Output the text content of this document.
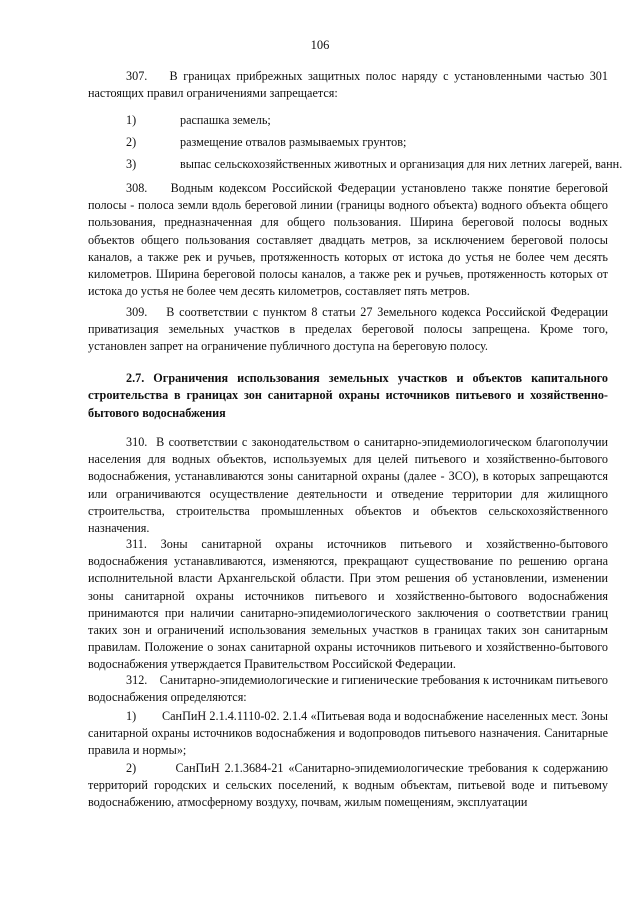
106

307.    В границах прибрежных защитных полос наряду с установленными частью 301 настоящих правил ограничениями запрещается:

1)	распашка земель;
2)	размещение отвалов размываемых грунтов;
3)	выпас сельскохозяйственных животных и организация для них летних лагерей, ванн.

308.    Водным кодексом Российской Федерации установлено также понятие береговой полосы - полоса земли вдоль береговой линии (границы водного объекта) водного объекта общего пользования, предназначенная для общего пользования. Ширина береговой полосы водных объектов общего пользования составляет двадцать метров, за исключением береговой полосы каналов, а также рек и ручьев, протяженность которых от истока до устья не более чем десять километров. Ширина береговой полосы каналов, а также рек и ручьев, протяженность которых от истока до устья не более чем десять километров, составляет пять метров.

309.    В соответствии с пунктом 8 статьи 27 Земельного кодекса Российской Федерации приватизация земельных участков в пределах береговой полосы запрещена. Кроме того, установлен запрет на ограничение публичного доступа на береговую полосу.

2.7. Ограничения использования земельных участков и объектов капитального строительства в границах зон санитарной охраны источников питьевого и хозяйственно-бытового водоснабжения

310.  В соответствии с законодательством о санитарно-эпидемиологическом благополучии населения для водных объектов, используемых для целей питьевого и хозяйственно-бытового водоснабжения, устанавливаются зоны санитарной охраны (далее - ЗСО), в которых запрещаются или ограничиваются осуществление деятельности и отведение территории для жилищного строительства, строительства промышленных объектов и объектов сельскохозяйственного назначения.

311. Зоны санитарной охраны источников питьевого и хозяйственно-бытового водоснабжения устанавливаются, изменяются, прекращают существование по решению органа исполнительной власти Архангельской области. При этом решения об установлении, изменении зоны санитарной охраны источников питьевого и хозяйственно-бытового водоснабжения принимаются при наличии санитарно-эпидемиологического заключения о соответствии границ таких зон и ограничений использования земельных участков в границах таких зон санитарным правилам. Положение о зонах санитарной охраны источников питьевого и хозяйственно-бытового водоснабжения утверждается Правительством Российской Федерации.

312.    Санитарно-эпидемиологические и гигиенические требования к источникам питьевого водоснабжения определяются:

1)        СанПиН 2.1.4.1110-02. 2.1.4 «Питьевая вода и водоснабжение населенных мест. Зоны санитарной охраны источников водоснабжения и водопроводов питьевого назначения. Санитарные правила и нормы»;

2)        СанПиН 2.1.3684-21 «Санитарно-эпидемиологические требования к содержанию территорий городских и сельских поселений, к водным объектам, питьевой воде и питьевому водоснабжению, атмосферному воздуху, почвам, жилым помещениям, эксплуатации
